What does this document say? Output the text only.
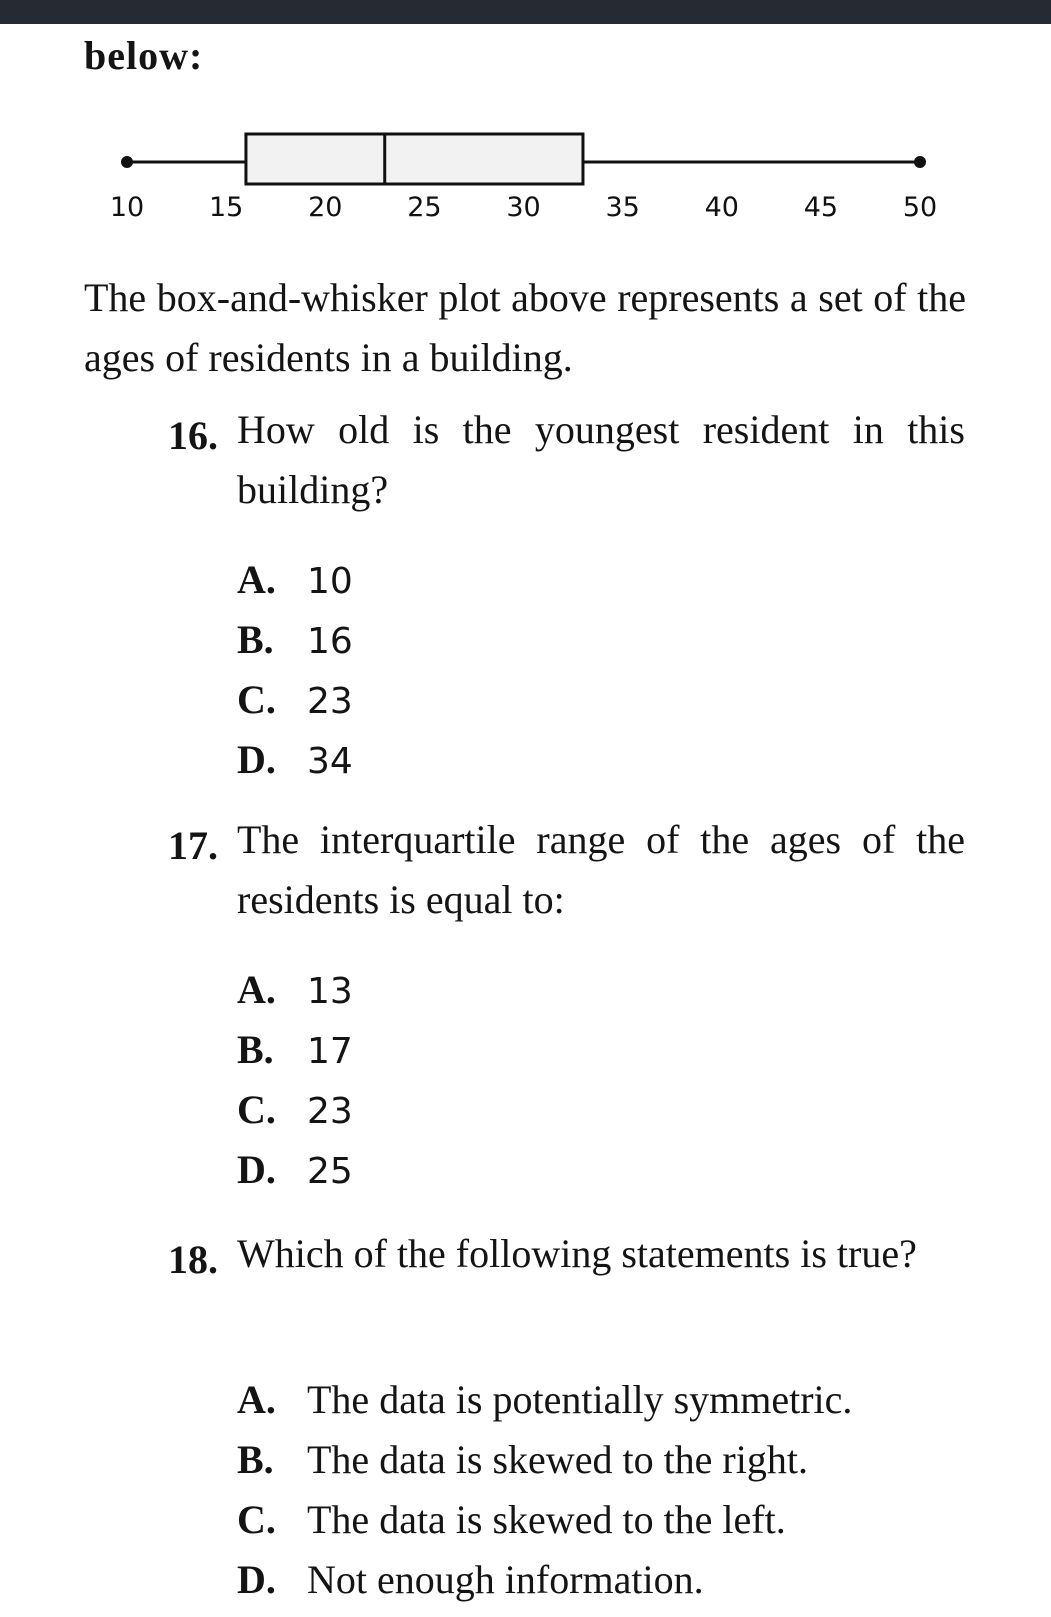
below:
10 15 20 25 30 35 40 45 50
The box-and-whisker plot above represents a set of the ages of residents in a building.
16. How old is the youngest resident in this building?
A. 10
B. 16
C. 23
D. 34
17. The interquartile range of the ages of the residents is equal to:
A. 13
B. 17
C. 23
D. 25
18. Which of the following statements is true?
A. The data is potentially symmetric.
B. The data is skewed to the right.
C. The data is skewed to the left.
D. Not enough information.
